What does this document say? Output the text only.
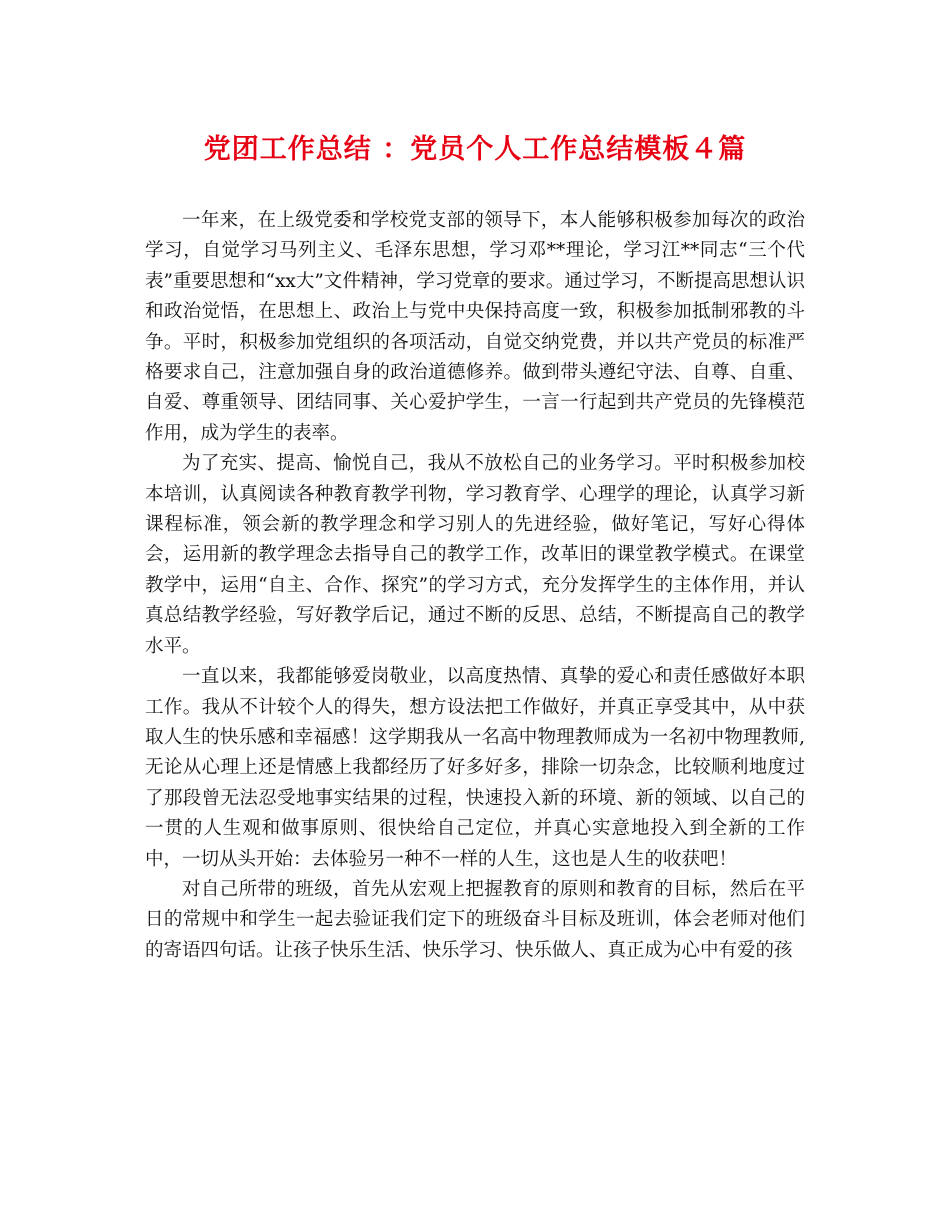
党团工作总结 ：党员个人工作总结模板４篇

一年来，在上级党委和学校党支部的领导下，本人能够积极参加每次的政治学习，自觉学习马列主义、毛泽东思想，学习邓**理论，学习江**同志“三个代表”重要思想和“xx大”文件精神，学习党章的要求。通过学习，不断提高思想认识和政治觉悟，在思想上、政治上与党中央保持高度一致，积极参加抵制邪教的斗争。平时，积极参加党组织的各项活动，自觉交纳党费，并以共产党员的标准严格要求自己，注意加强自身的政治道德修养。做到带头遵纪守法、自尊、自重、自爱、尊重领导、团结同事、关心爱护学生，一言一行起到共产党员的先锋模范作用，成为学生的表率。

为了充实、提高、愉悦自己，我从不放松自己的业务学习。平时积极参加校本培训，认真阅读各种教育教学刊物，学习教育学、心理学的理论，认真学习新课程标准，领会新的教学理念和学习别人的先进经验，做好笔记，写好心得体会，运用新的教学理念去指导自己的教学工作，改革旧的课堂教学模式。在课堂教学中，运用“自主、合作、探究”的学习方式，充分发挥学生的主体作用，并认真总结教学经验，写好教学后记，通过不断的反思、总结，不断提高自己的教学水平。

一直以来，我都能够爱岗敬业，以高度热情、真挚的爱心和责任感做好本职工作。我从不计较个人的得失，想方设法把工作做好，并真正享受其中，从中获取人生的快乐感和幸福感！这学期我从一名高中物理教师成为一名初中物理教师,无论从心理上还是情感上我都经历了好多好多，排除一切杂念，比较顺利地度过了那段曾无法忍受地事实结果的过程，快速投入新的环境、新的领域、以自己的一贯的人生观和做事原则、很快给自己定位，并真心实意地投入到全新的工作中，一切从头开始：去体验另一种不一样的人生，这也是人生的收获吧！

对自己所带的班级，首先从宏观上把握教育的原则和教育的目标，然后在平日的常规中和学生一起去验证我们定下的班级奋斗目标及班训，体会老师对他们的寄语四句话。让孩子快乐生活、快乐学习、快乐做人、真正成为心中有爱的孩
